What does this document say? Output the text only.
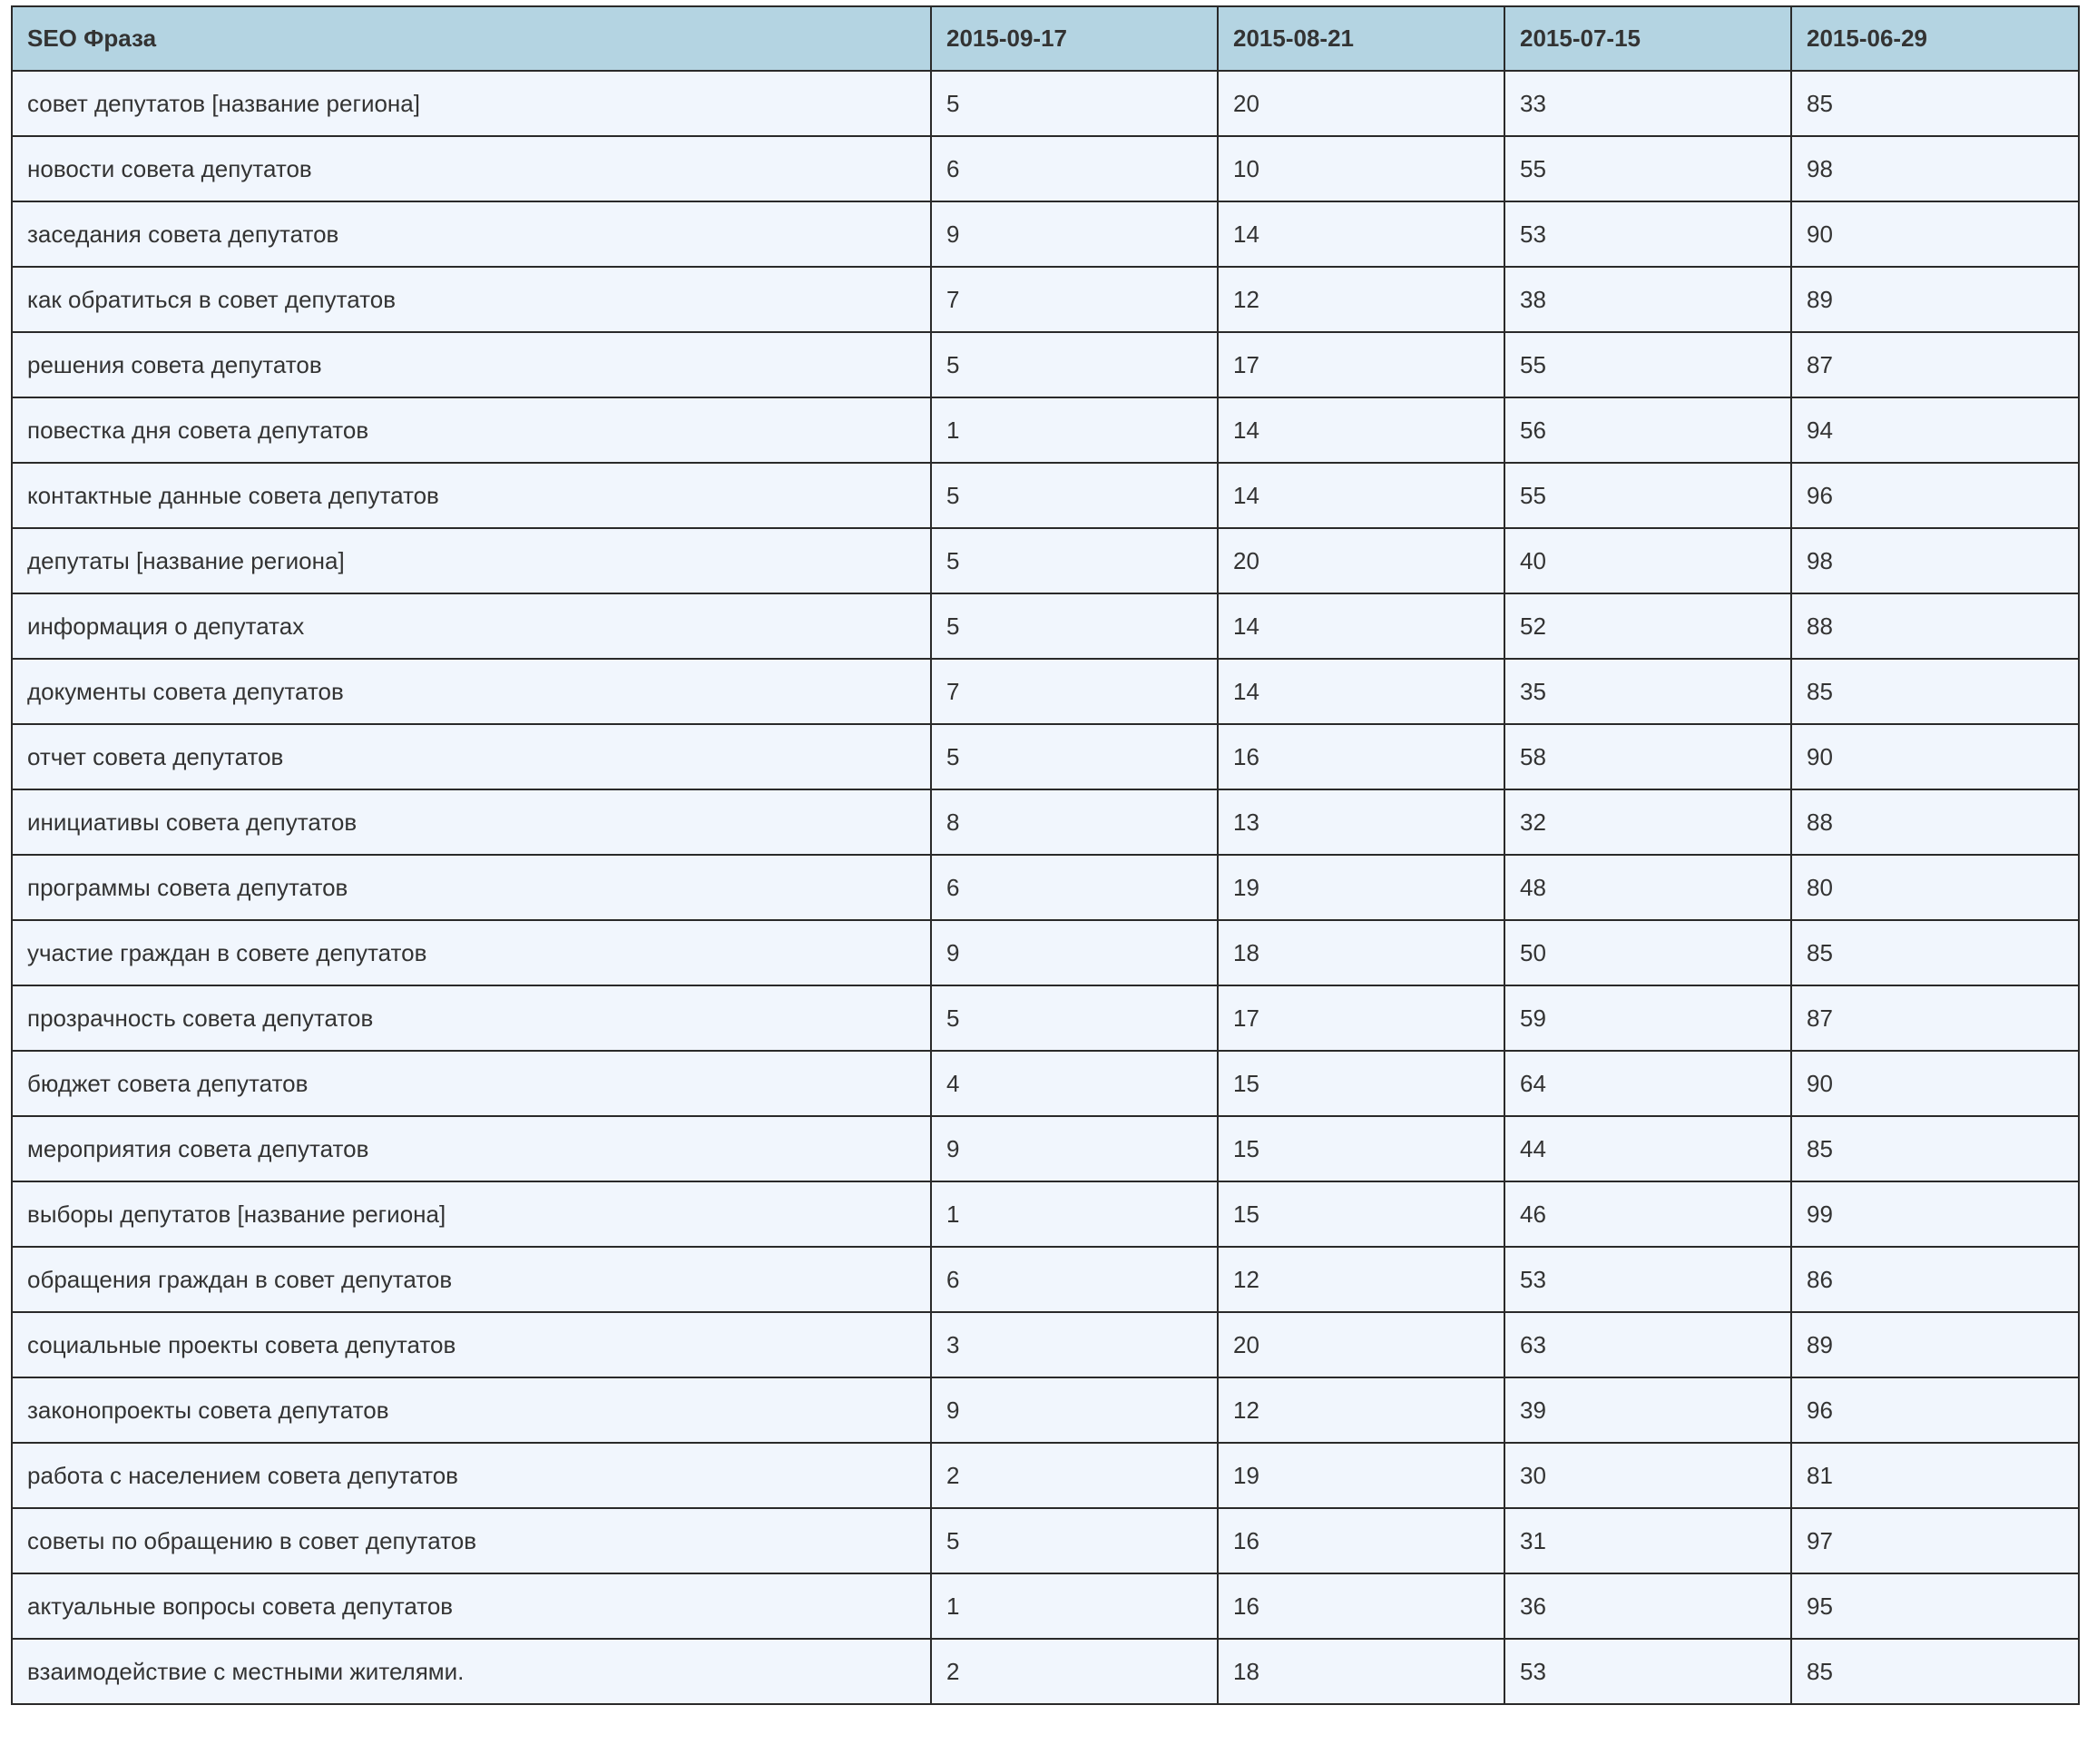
SEO Фраза	2015-09-17	2015-08-21	2015-07-15	2015-06-29
совет депутатов [название региона]	5	20	33	85
новости совета депутатов	6	10	55	98
заседания совета депутатов	9	14	53	90
как обратиться в совет депутатов	7	12	38	89
решения совета депутатов	5	17	55	87
повестка дня совета депутатов	1	14	56	94
контактные данные совета депутатов	5	14	55	96
депутаты [название региона]	5	20	40	98
информация о депутатах	5	14	52	88
документы совета депутатов	7	14	35	85
отчет совета депутатов	5	16	58	90
инициативы совета депутатов	8	13	32	88
программы совета депутатов	6	19	48	80
участие граждан в совете депутатов	9	18	50	85
прозрачность совета депутатов	5	17	59	87
бюджет совета депутатов	4	15	64	90
мероприятия совета депутатов	9	15	44	85
выборы депутатов [название региона]	1	15	46	99
обращения граждан в совет депутатов	6	12	53	86
социальные проекты совета депутатов	3	20	63	89
законопроекты совета депутатов	9	12	39	96
работа с населением совета депутатов	2	19	30	81
советы по обращению в совет депутатов	5	16	31	97
актуальные вопросы совета депутатов	1	16	36	95
взаимодействие с местными жителями.	2	18	53	85
